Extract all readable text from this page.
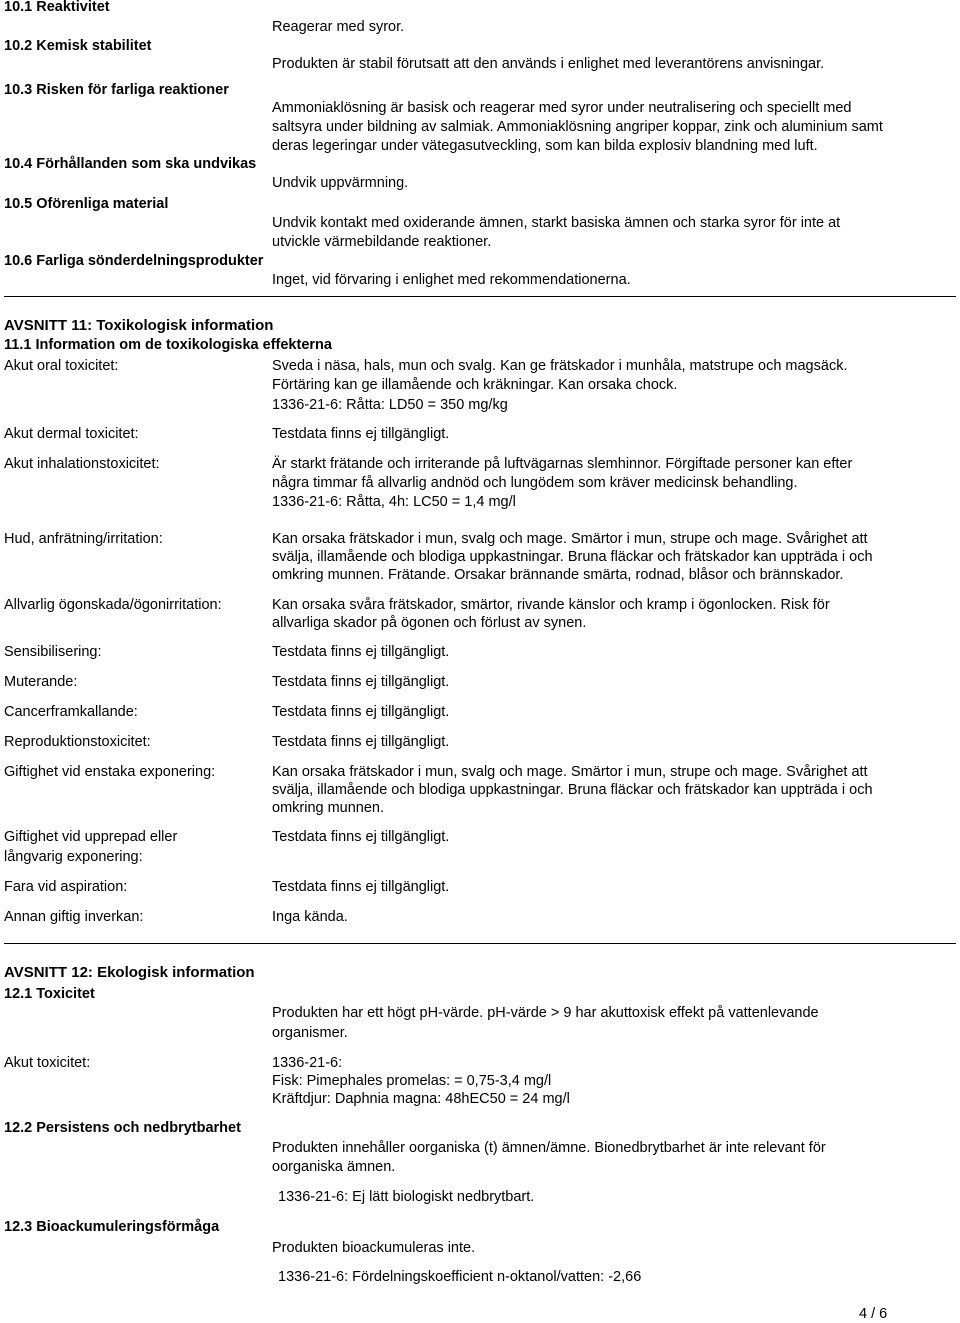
10.1 Reaktivitet
Reagerar med syror.
10.2 Kemisk stabilitet
Produkten är stabil förutsatt att den används i enlighet med leverantörens anvisningar.
10.3 Risken för farliga reaktioner
Ammoniaklösning är basisk och reagerar med syror under neutralisering och speciellt med
saltsyra under bildning av salmiak. Ammoniaklösning angriper koppar, zink och aluminium samt
deras legeringar under vätegasutveckling, som kan bilda explosiv blandning med luft.
10.4 Förhållanden som ska undvikas
Undvik uppvärmning.
10.5 Oförenliga material
Undvik kontakt med oxiderande ämnen, starkt basiska ämnen och starka syror för inte at
utvickle värmebildande reaktioner.
10.6 Farliga sönderdelningsprodukter
Inget, vid förvaring i enlighet med rekommendationerna.
AVSNITT 11: Toxikologisk information
11.1 Information om de toxikologiska effekterna
Akut oral toxicitet:	Sveda i näsa, hals, mun och svalg. Kan ge frätskador i munhåla, matstrupe och magsäck.
Förtäring kan ge illamående och kräkningar. Kan orsaka chock.
1336-21-6: Råtta: LD50 = 350 mg/kg
Akut dermal toxicitet:	Testdata finns ej tillgängligt.
Akut inhalationstoxicitet:	Är starkt frätande och irriterande på luftvägarnas slemhinnor. Förgiftade personer kan efter
några timmar få allvarlig andnöd och lungödem som kräver medicinsk behandling.
1336-21-6: Råtta, 4h: LC50 = 1,4 mg/l
Hud, anfrätning/irritation:	Kan orsaka frätskador i mun, svalg och mage. Smärtor i mun, strupe och mage. Svårighet att
svälja, illamående och blodiga uppkastningar. Bruna fläckar och frätskador kan uppträda i och
omkring munnen. Frätande. Orsakar brännande smärta, rodnad, blåsor och brännskador.
Allvarlig ögonskada/ögonirritation:	Kan orsaka svåra frätskador, smärtor, rivande känslor och kramp i ögonlocken. Risk för
allvarliga skador på ögonen och förlust av synen.
Sensibilisering:	Testdata finns ej tillgängligt.
Muterande:	Testdata finns ej tillgängligt.
Cancerframkallande:	Testdata finns ej tillgängligt.
Reproduktionstoxicitet:	Testdata finns ej tillgängligt.
Giftighet vid enstaka exponering:	Kan orsaka frätskador i mun, svalg och mage. Smärtor i mun, strupe och mage. Svårighet att
svälja, illamående och blodiga uppkastningar. Bruna fläckar och frätskador kan uppträda i och
omkring munnen.
Giftighet vid upprepad eller
långvarig exponering:
Testdata finns ej tillgängligt.
Fara vid aspiration:	Testdata finns ej tillgängligt.
Annan giftig inverkan:	Inga kända.
AVSNITT 12: Ekologisk information
12.1 Toxicitet
Produkten har ett högt pH-värde. pH-värde > 9 har akuttoxisk effekt på vattenlevande
organismer.
Akut toxicitet:	1336-21-6:
Fisk: Pimephales promelas: = 0,75-3,4 mg/l
Kräftdjur: Daphnia magna: 48hEC50 = 24 mg/l
12.2 Persistens och nedbrytbarhet
Produkten innehåller oorganiska (t) ämnen/ämne. Bionedbrytbarhet är inte relevant för
oorganiska ämnen.
1336-21-6: Ej lätt biologiskt nedbrytbart.
12.3 Bioackumuleringsförmåga
Produkten bioackumuleras inte.
1336-21-6: Fördelningskoefficient n-oktanol/vatten: -2,66
4 / 6
